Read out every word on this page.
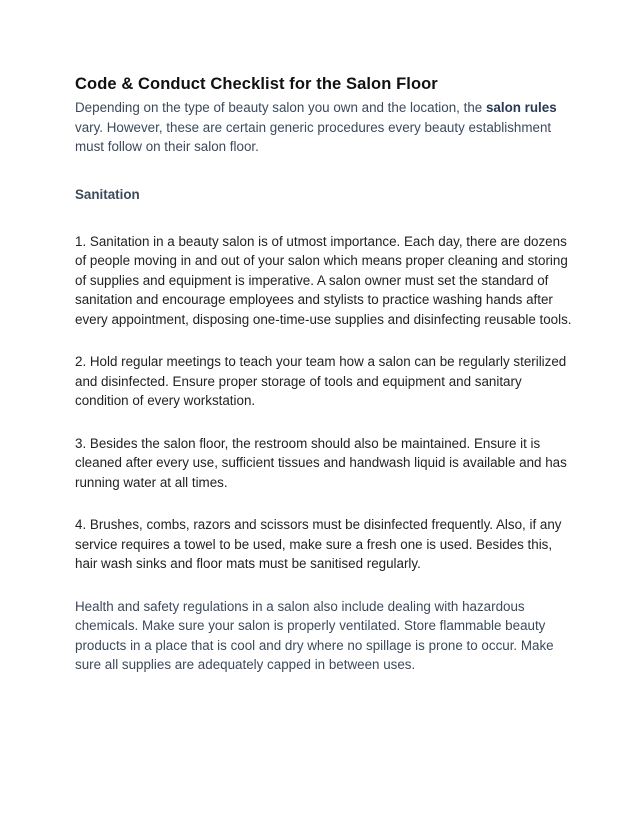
Code & Conduct Checklist for the Salon Floor

Depending on the type of beauty salon you own and the location, the salon rules vary. However, these are certain generic procedures every beauty establishment must follow on their salon floor.

Sanitation

1. Sanitation in a beauty salon is of utmost importance. Each day, there are dozens of people moving in and out of your salon which means proper cleaning and storing of supplies and equipment is imperative. A salon owner must set the standard of sanitation and encourage employees and stylists to practice washing hands after every appointment, disposing one-time-use supplies and disinfecting reusable tools.

2. Hold regular meetings to teach your team how a salon can be regularly sterilized and disinfected. Ensure proper storage of tools and equipment and sanitary condition of every workstation.

3. Besides the salon floor, the restroom should also be maintained. Ensure it is cleaned after every use, sufficient tissues and handwash liquid is available and has running water at all times.

4. Brushes, combs, razors and scissors must be disinfected frequently. Also, if any service requires a towel to be used, make sure a fresh one is used. Besides this, hair wash sinks and floor mats must be sanitised regularly.

Health and safety regulations in a salon also include dealing with hazardous chemicals. Make sure your salon is properly ventilated. Store flammable beauty products in a place that is cool and dry where no spillage is prone to occur. Make sure all supplies are adequately capped in between uses.
